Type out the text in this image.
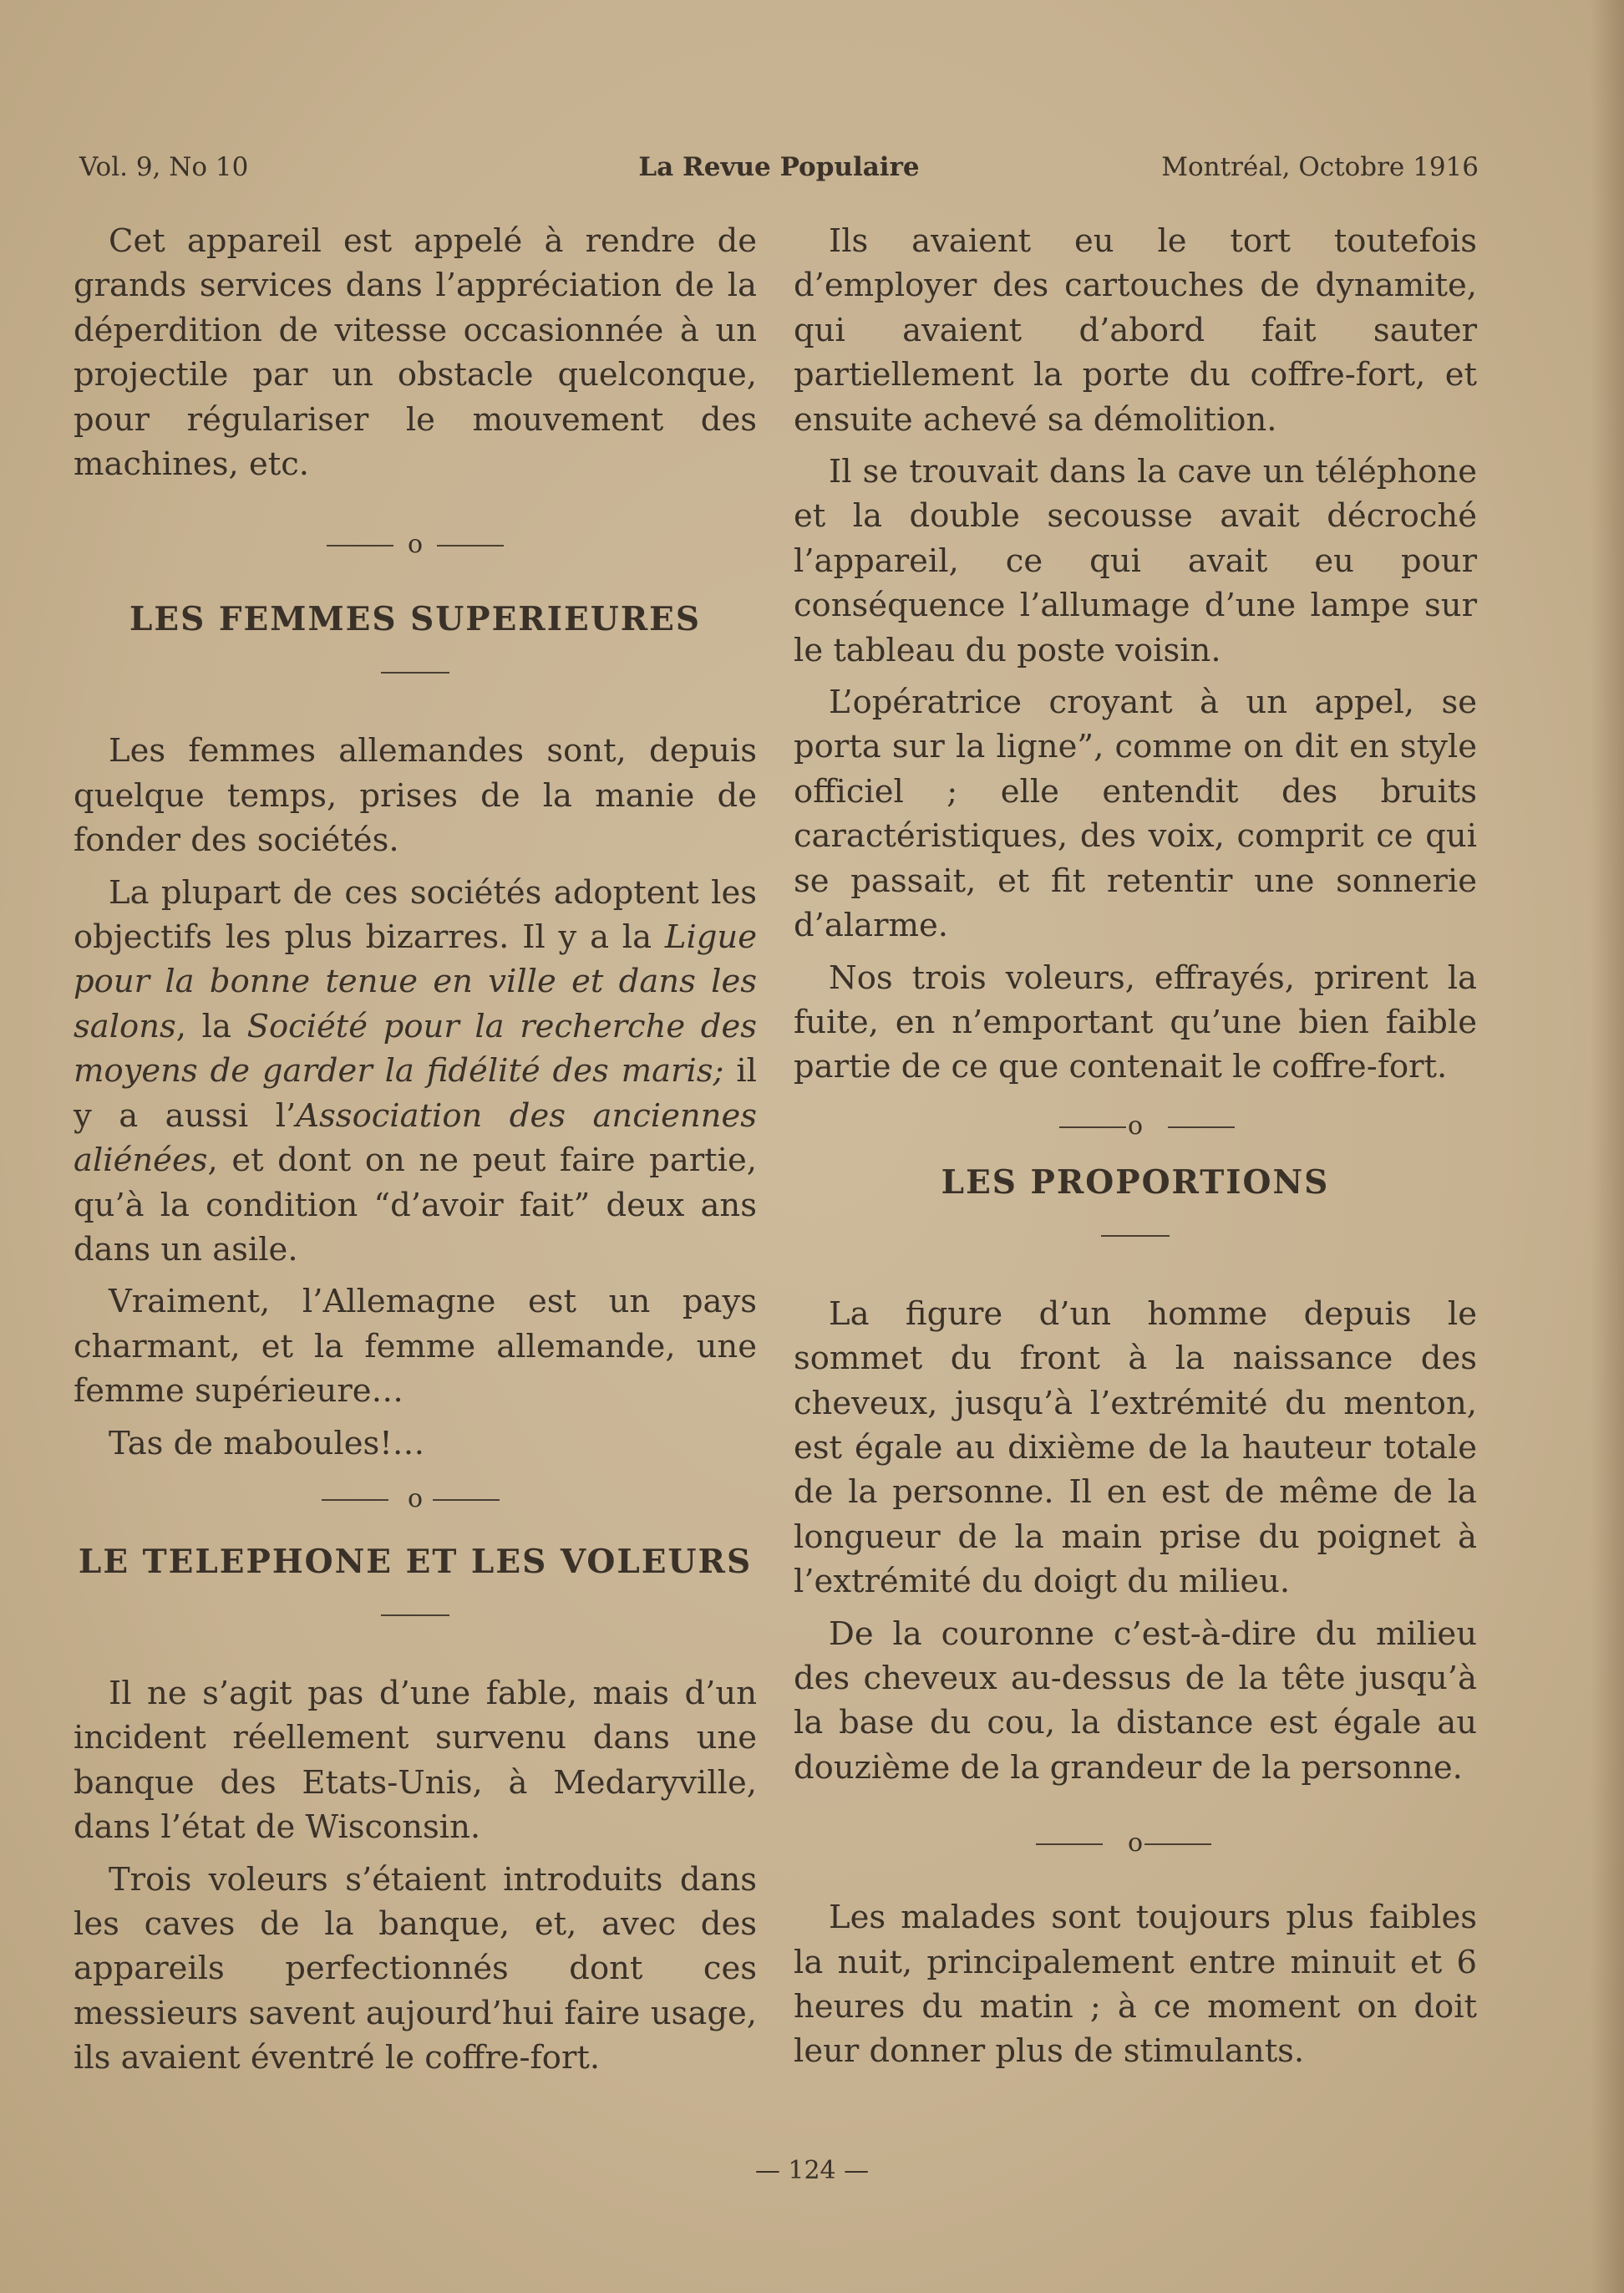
Vol. 9, No 10	La Revue Populaire	Montréal, Octobre 1916

Cet appareil est appelé à rendre de grands services dans l’appréciation de la déperdition de vitesse occasionnée à un projectile par un obstacle quelconque, pour régulariser le mouvement des machines, etc.

o
LES FEMMES SUPERIEURES

Les femmes allemandes sont, depuis quelque temps, prises de la manie de fonder des sociétés.

La plupart de ces sociétés adoptent les objectifs les plus bizarres. Il y a la Ligue pour la bonne tenue en ville et dans les salons, la Société pour la recherche des moyens de garder la fidélité des maris; il y a aussi l’Association des anciennes aliénées, et dont on ne peut faire partie, qu’à la condition “d’avoir fait” deux ans dans un asile.

Vraiment, l’Allemagne est un pays charmant, et la femme allemande, une femme supérieure…

Tas de maboules!…

o
LE TELEPHONE ET LES VOLEURS

Il ne s’agit pas d’une fable, mais d’un incident réellement survenu dans une banque des Etats-Unis, à Medaryville, dans l’état de Wisconsin.

Trois voleurs s’étaient introduits dans les caves de la banque, et, avec des appareils perfectionnés dont ces messieurs savent aujourd’hui faire usage, ils avaient éventré le coffre-fort.

Ils avaient eu le tort toutefois d’employer des cartouches de dynamite, qui avaient d’abord fait sauter partiellement la porte du coffre-fort, et ensuite achevé sa démolition.

Il se trouvait dans la cave un téléphone et la double secousse avait décroché l’appareil, ce qui avait eu pour conséquence l’allumage d’une lampe sur le tableau du poste voisin.

L’opératrice croyant à un appel, se porta sur la ligne”, comme on dit en style officiel ; elle entendit des bruits caractéristiques, des voix, comprit ce qui se passait, et fit retentir une sonnerie d’alarme.

Nos trois voleurs, effrayés, prirent la fuite, en n’emportant qu’une bien faible partie de ce que contenait le coffre-fort.

o
LES PROPORTIONS

La figure d’un homme depuis le sommet du front à la naissance des cheveux, jusqu’à l’extrémité du menton, est égale au dixième de la hauteur totale de la personne. Il en est de même de la longueur de la main prise du poignet à l’extrémité du doigt du milieu.

De la couronne c’est-à-dire du milieu des cheveux au-dessus de la tête jusqu’à la base du cou, la distance est égale au douzième de la grandeur de la personne.

o

Les malades sont toujours plus faibles la nuit, principalement entre minuit et 6 heures du matin ; à ce moment on doit leur donner plus de stimulants.

— 124 —
